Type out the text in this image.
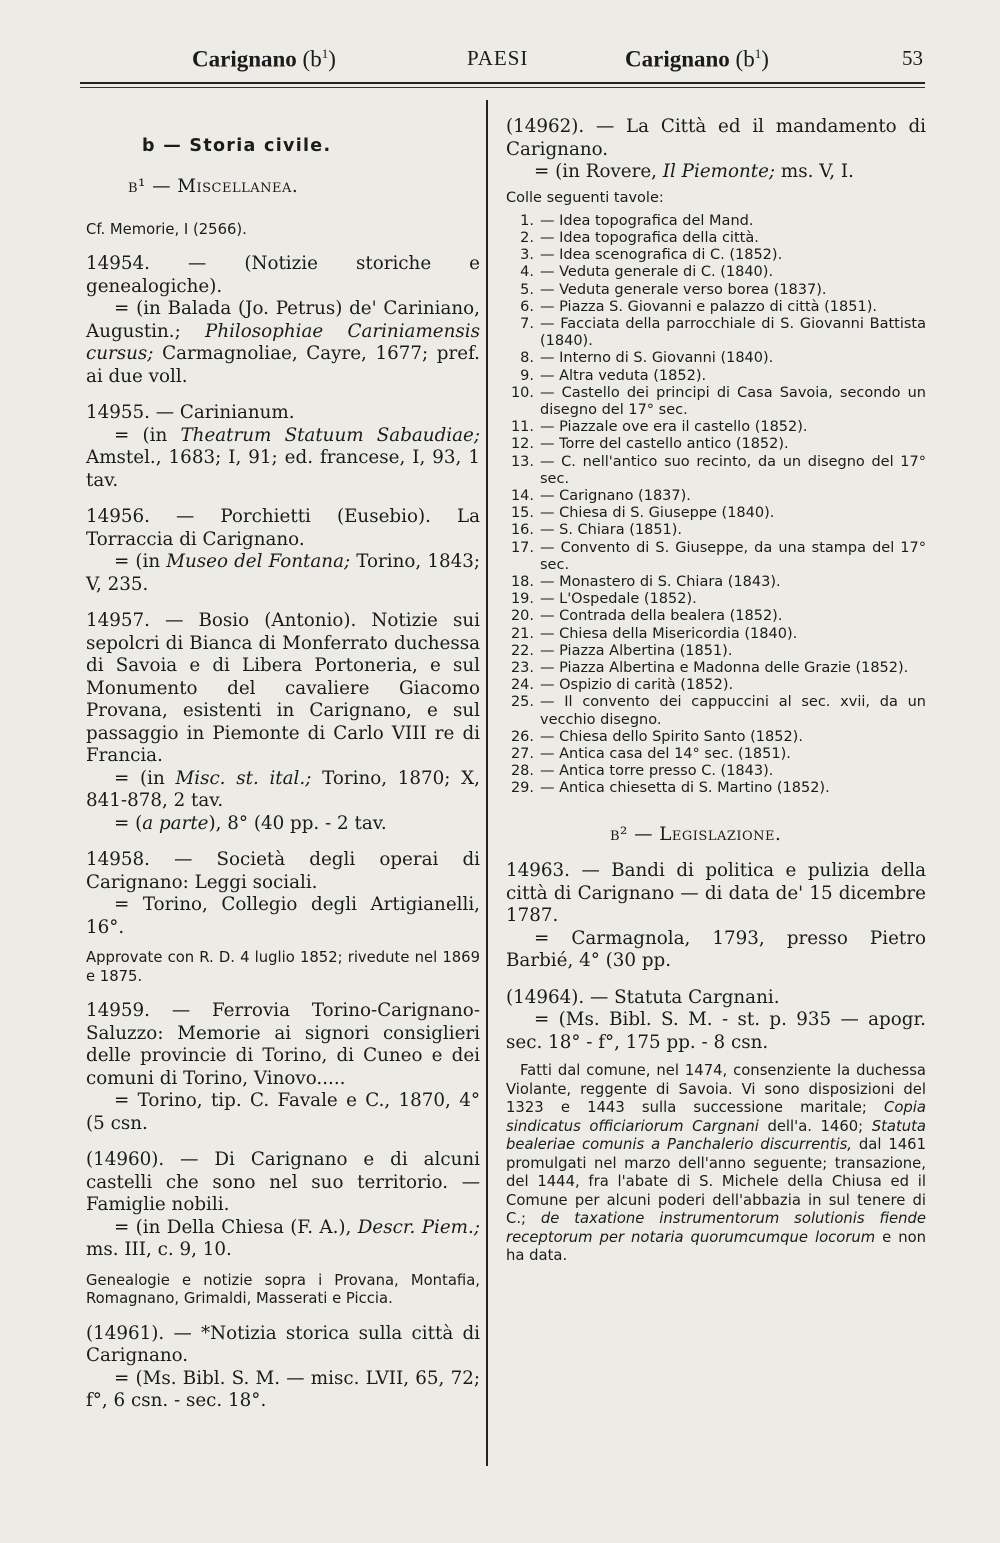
Carignano $(b^1)$	PAESI	Carignano $(b^1)$	53
b — Storia civile.
b¹ — Miscellanea.
Cf. Memorie, I (2566).
14954. — (Notizie storiche e genealogiche).
= (in Balada (Jo. Petrus) de' Cariniano, Augustin.; Philosophiae Cariniamensis cursus; Carmagnoliae, Cayre, 1677; pref. ai due voll.
14955. — Carinianum.
= (in Theatrum Statuum Sabaudiae; Amstel., 1683; I, 91; ed. francese, I, 93, 1 tav.
14956. — Porchietti (Eusebio). La Torraccia di Carignano.
= (in Museo del Fontana; Torino, 1843; V, 235.
14957. — Bosio (Antonio). Notizie sui sepolcri di Bianca di Monferrato duchessa di Savoia e di Libera Portoneria, e sul Monumento del cavaliere Giacomo Provana, esistenti in Carignano, e sul passaggio in Piemonte di Carlo VIII re di Francia.
= (in Misc. st. ital.; Torino, 1870; X, 841-878, 2 tav.
= (a parte), 8° (40 pp. - 2 tav.
14958. — Società degli operai di Carignano: Leggi sociali.
= Torino, Collegio degli Artigianelli, 16°.
Approvate con R. D. 4 luglio 1852; rivedute nel 1869 e 1875.
14959. — Ferrovia Torino-Carignano-Saluzzo: Memorie ai signori consiglieri delle provincie di Torino, di Cuneo e dei comuni di Torino, Vinovo.....
= Torino, tip. C. Favale e C., 1870, 4° (5 csn.
(14960). — Di Carignano e di alcuni castelli che sono nel suo territorio. — Famiglie nobili.
= (in Della Chiesa (F. A.), Descr. Piem.; ms. III, c. 9, 10.
Genealogie e notizie sopra i Provana, Montafia, Romagnano, Grimaldi, Masserati e Piccia.
(14961). — *Notizia storica sulla città di Carignano.
= (Ms. Bibl. S. M. — misc. LVII, 65, 72; f°, 6 csn. - sec. 18°.
(14962). — La Città ed il mandamento di Carignano.
= (in Rovere, Il Piemonte; ms. V, I.
Colle seguenti tavole:
1. — Idea topografica del Mand.
2. — Idea topografica della città.
3. — Idea scenografica di C. (1852).
4. — Veduta generale di C. (1840).
5. — Veduta generale verso borea (1837).
6. — Piazza S. Giovanni e palazzo di città (1851).
7. — Facciata della parrocchiale di S. Giovanni Battista (1840).
8. — Interno di S. Giovanni (1840).
9. — Altra veduta (1852).
10. — Castello dei principi di Casa Savoia, secondo un disegno del 17° sec.
11. — Piazzale ove era il castello (1852).
12. — Torre del castello antico (1852).
13. — C. nell'antico suo recinto, da un disegno del 17° sec.
14. — Carignano (1837).
15. — Chiesa di S. Giuseppe (1840).
16. — S. Chiara (1851).
17. — Convento di S. Giuseppe, da una stampa del 17° sec.
18. — Monastero di S. Chiara (1843).
19. — L'Ospedale (1852).
20. — Contrada della bealera (1852).
21. — Chiesa della Misericordia (1840).
22. — Piazza Albertina (1851).
23. — Piazza Albertina e Madonna delle Grazie (1852).
24. — Ospizio di carità (1852).
25. — Il convento dei cappuccini al sec. xvii, da un vecchio disegno.
26. — Chiesa dello Spirito Santo (1852).
27. — Antica casa del 14° sec. (1851).
28. — Antica torre presso C. (1843).
29. — Antica chiesetta di S. Martino (1852).
b² — Legislazione.
14963. — Bandi di politica e pulizia della città di Carignano — di data de' 15 dicembre 1787.
= Carmagnola, 1793, presso Pietro Barbié, 4° (30 pp.
(14964). — Statuta Cargnani.
= (Ms. Bibl. S. M. - st. p. 935 — apogr. sec. 18° - f°, 175 pp. - 8 csn.
Fatti dal comune, nel 1474, consenziente la duchessa Violante, reggente di Savoia. Vi sono disposizioni del 1323 e 1443 sulla successione maritale; Copia sindicatus officiariorum Cargnani dell'a. 1460; Statuta bealeriae comunis a Panchalerio discurrentis, dal 1461 promulgati nel marzo dell'anno seguente; transazione, del 1444, fra l'abate di S. Michele della Chiusa ed il Comune per alcuni poderi dell'abbazia in sul tenere di C.; de taxatione instrumentorum solutionis fiende receptorum per notaria quorumcumque locorum e non ha data.
